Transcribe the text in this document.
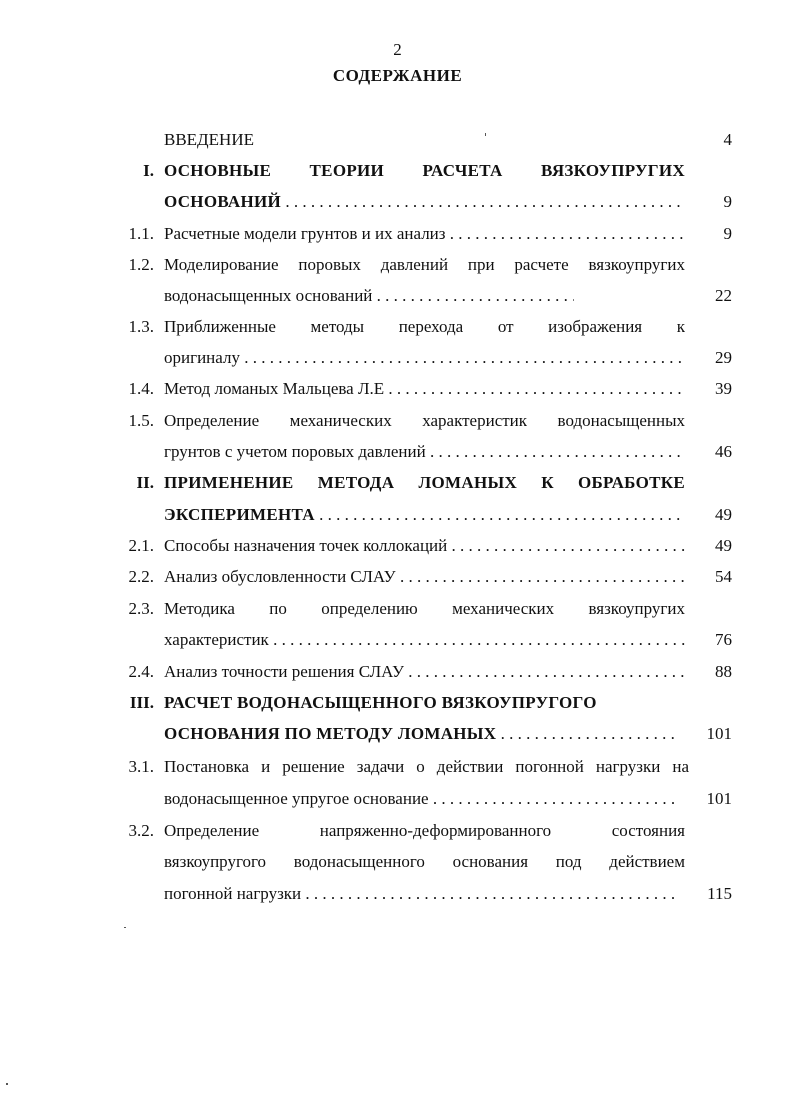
2
СОДЕРЖАНИЕ
ВВЕДЕНИЕ	4
I. ОСНОВНЫЕ ТЕОРИИ РАСЧЕТА ВЯЗКОУПРУГИХ
ОСНОВАНИЙ . . .	9
1.1. Расчетные модели грунтов и их анализ . . .	9
1.2. Моделирование поровых давлений при расчете вязкоупругих
водонасыщенных оснований . . .	22
1.3. Приближенные методы перехода от изображения к
оригиналу . . .	29
1.4. Метод ломаных Мальцева Л.Е . . .	39
1.5. Определение механических характеристик водонасыщенных
грунтов с учетом поровых давлений . . .	46
II. ПРИМЕНЕНИЕ МЕТОДА ЛОМАНЫХ К ОБРАБОТКЕ
ЭКСПЕРИМЕНТА . . .	49
2.1. Способы назначения точек коллокаций . . .	49
2.2. Анализ обусловленности СЛАУ . . .	54
2.3. Методика по определению механических вязкоупругих
характеристик . . .	76
2.4. Анализ точности решения СЛАУ . . .	88
III. РАСЧЕТ ВОДОНАСЫЩЕННОГО ВЯЗКОУПРУГОГО
ОСНОВАНИЯ ПО МЕТОДУ ЛОМАНЫХ . . .	101
3.1. Постановка и решение задачи о действии погонной нагрузки на
водонасыщенное упругое основание . . .	101
3.2. Определение напряженно-деформированного состояния
вязкоупругого водонасыщенного основания под действием
погонной нагрузки . . .	115
